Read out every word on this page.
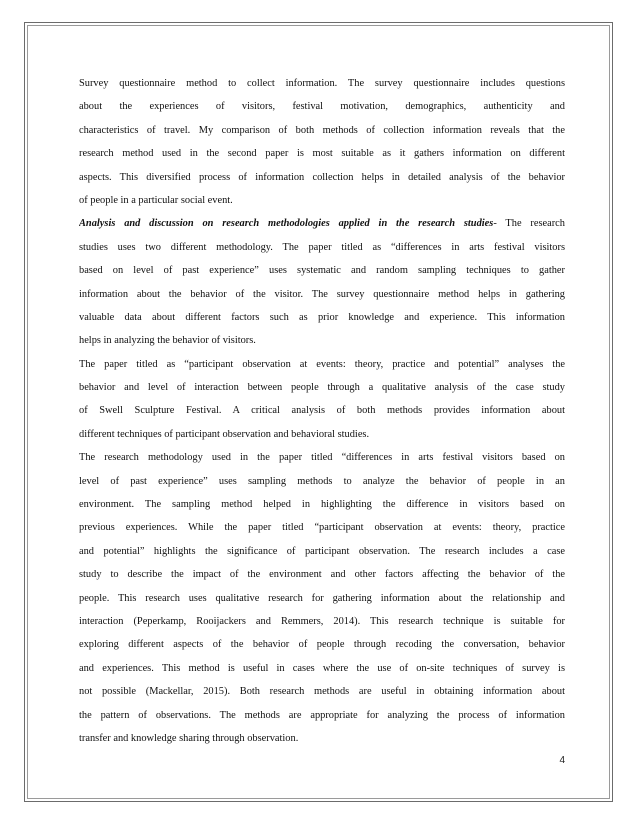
Survey questionnaire method to collect information. The survey questionnaire includes questions
about the experiences of visitors, festival motivation, demographics, authenticity and
characteristics of travel. My comparison of both methods of collection information reveals that the
research method used in the second paper is most suitable as it gathers information on different
aspects. This diversified process of information collection helps in detailed analysis of the behavior
of people in a particular social event.
Analysis and discussion on research methodologies applied in the research studies- The research
studies uses two different methodology. The paper titled as “differences in arts festival visitors
based on level of past experience” uses systematic and random sampling techniques to gather
information about the behavior of the visitor. The survey questionnaire method helps in gathering
valuable data about different factors such as prior knowledge and experience. This information
helps in analyzing the behavior of visitors.
The paper titled as “participant observation at events: theory, practice and potential” analyses the
behavior and level of interaction between people through a qualitative analysis of the case study
of Swell Sculpture Festival. A critical analysis of both methods provides information about
different techniques of participant observation and behavioral studies.
The research methodology used in the paper titled “differences in arts festival visitors based on
level of past experience” uses sampling methods to analyze the behavior of people in an
environment. The sampling method helped in highlighting the difference in visitors based on
previous experiences. While the paper titled “participant observation at events: theory, practice
and potential” highlights the significance of participant observation. The research includes a case
study to describe the impact of the environment and other factors affecting the behavior of the
people. This research uses qualitative research for gathering information about the relationship and
interaction (Peperkamp, Rooijackers and Remmers, 2014). This research technique is suitable for
exploring different aspects of the behavior of people through recoding the conversation, behavior
and experiences. This method is useful in cases where the use of on-site techniques of survey is
not possible (Mackellar, 2015). Both research methods are useful in obtaining information about
the pattern of observations. The methods are appropriate for analyzing the process of information
transfer and knowledge sharing through observation.
4
